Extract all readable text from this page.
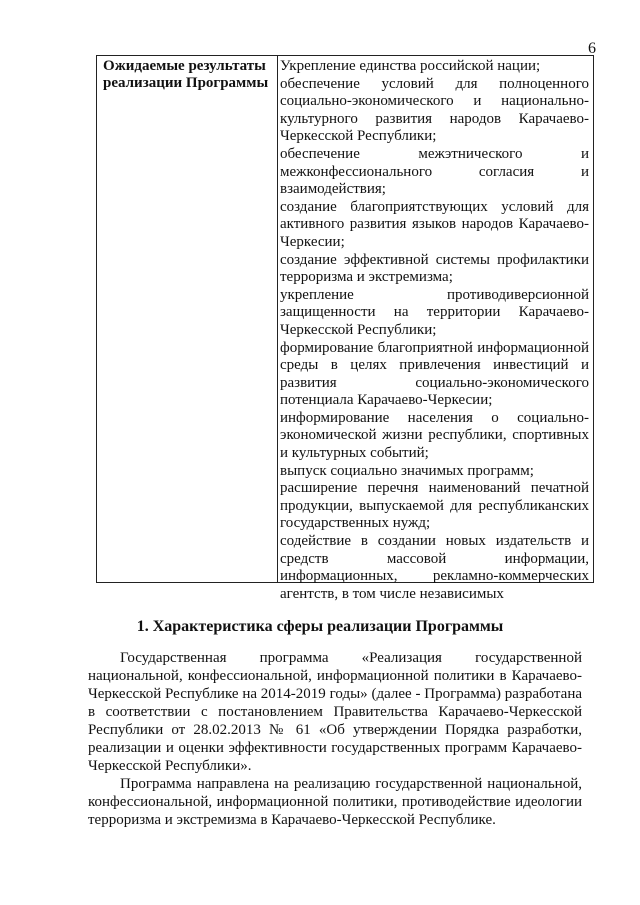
6
Ожидаемые результаты реализации Программы

Укрепление единства российской нации;

обеспечение условий для полноценного социально-экономического и национально-культурного развития народов Карачаево-Черкесской Республики;

обеспечение межэтнического и межконфессионального согласия и взаимодействия;

создание благоприятствующих условий для активного развития языков народов Карачаево-Черкесии;

создание эффективной системы профилактики терроризма и экстремизма;

укрепление противодиверсионной защищенности на территории Карачаево-Черкесской Республики;

формирование благоприятной информационной среды в целях привлечения инвестиций и развития социально-экономического потенциала Карачаево-Черкесии;

информирование населения о социально-экономической жизни республики, спортивных и культурных событий;

выпуск социально значимых программ;

расширение перечня наименований печатной продукции, выпускаемой для республиканских государственных нужд;

содействие в создании новых издательств и средств массовой информации, информационных, рекламно-коммерческих агентств, в том числе независимых

1. Характеристика сферы реализации Программы

Государственная программа «Реализация государственной национальной, конфессиональной, информационной политики в Карачаево-Черкесской Республике на 2014-2019 годы» (далее - Программа) разработана в соответствии с постановлением Правительства Карачаево-Черкесской Республики от 28.02.2013 № 61 «Об утверждении Порядка разработки, реализации и оценки эффективности государственных программ Карачаево-Черкесской Республики».

Программа направлена на реализацию государственной национальной, конфессиональной, информационной политики, противодействие идеологии терроризма и экстремизма в Карачаево-Черкесской Республике.
